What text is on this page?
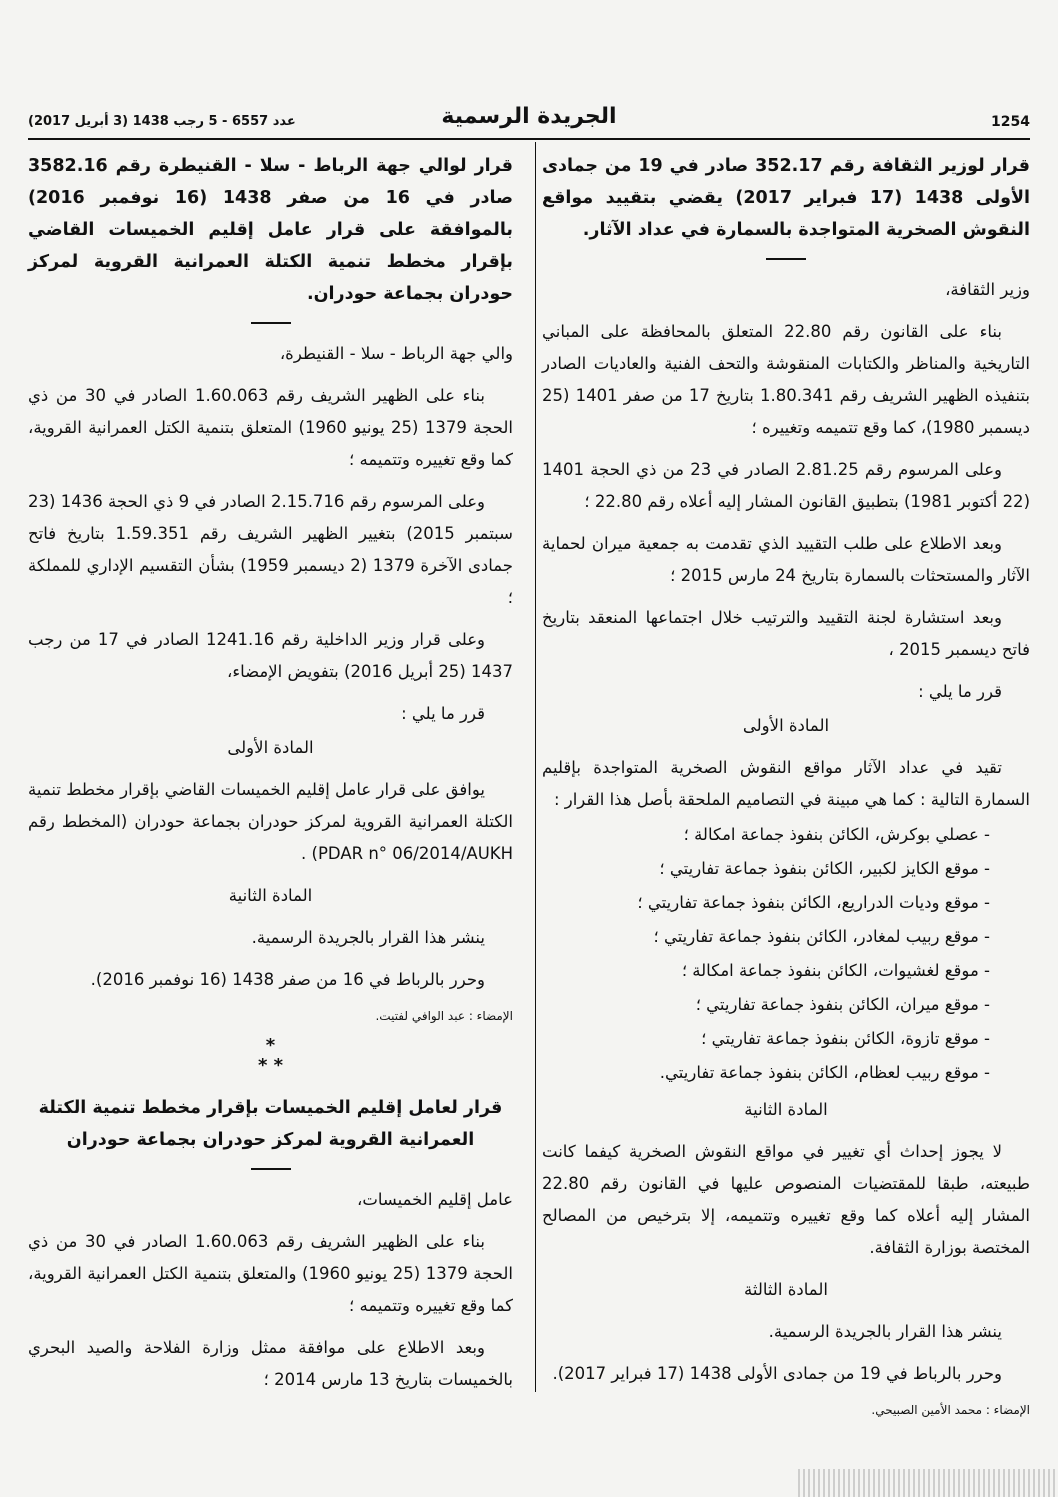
عدد 6557 - 5 رجب 1438 (3 أبريل 2017)	الجريدة الرسمية	1254

قرار لوزير الثقافة رقم 352.17 صادر في 19 من جمادى الأولى 1438 (17 فبراير 2017) يقضي بتقييد مواقع النقوش الصخرية المتواجدة بالسمارة في عداد الآثار.

وزير الثقافة،

بناء على القانون رقم 22.80 المتعلق بالمحافظة على المباني التاريخية والمناظر والكتابات المنقوشة والتحف الفنية والعاديات الصادر بتنفيذه الظهير الشريف رقم 1.80.341 بتاريخ 17 من صفر 1401 (25 ديسمبر 1980)، كما وقع تتميمه وتغييره ؛

وعلى المرسوم رقم 2.81.25 الصادر في 23 من ذي الحجة 1401 (22 أكتوبر 1981) بتطبيق القانون المشار إليه أعلاه رقم 22.80 ؛

وبعد الاطلاع على طلب التقييد الذي تقدمت به جمعية ميران لحماية الآثار والمستحثات بالسمارة بتاريخ 24 مارس 2015 ؛

وبعد استشارة لجنة التقييد والترتيب خلال اجتماعها المنعقد بتاريخ فاتح ديسمبر 2015 ،

قرر ما يلي :

المادة الأولى

تقيد في عداد الآثار مواقع النقوش الصخرية المتواجدة بإقليم السمارة التالية : كما هي مبينة في التصاميم الملحقة بأصل هذا القرار :

- عصلي بوكرش، الكائن بنفوذ جماعة امكالة ؛
- موقع الكايز لكبير، الكائن بنفوذ جماعة تفاريتي ؛
- موقع وديات الدراريع، الكائن بنفوذ جماعة تفاريتي ؛
- موقع ربيب لمغادر، الكائن بنفوذ جماعة تفاريتي ؛
- موقع لغشيوات، الكائن بنفوذ جماعة امكالة ؛
- موقع ميران، الكائن بنفوذ جماعة تفاريتي ؛
- موقع تازوة، الكائن بنفوذ جماعة تفاريتي ؛
- موقع ربيب لعظام، الكائن بنفوذ جماعة تفاريتي.

المادة الثانية

لا يجوز إحداث أي تغيير في مواقع النقوش الصخرية كيفما كانت طبيعته، طبقا للمقتضيات المنصوص عليها في القانون رقم 22.80 المشار إليه أعلاه كما وقع تغييره وتتميمه، إلا بترخيص من المصالح المختصة بوزارة الثقافة.

المادة الثالثة

ينشر هذا القرار بالجريدة الرسمية.

وحرر بالرباط في 19 من جمادى الأولى 1438 (17 فبراير 2017).

الإمضاء : محمد الأمين الصبيحي.

قرار لوالي جهة الرباط - سلا - القنيطرة رقم 3582.16 صادر في 16 من صفر 1438 (16 نوفمبر 2016) بالموافقة على قرار عامل إقليم الخميسات القاضي بإقرار مخطط تنمية الكتلة العمرانية القروية لمركز حودران بجماعة حودران.

والي جهة الرباط - سلا - القنيطرة،

بناء على الظهير الشريف رقم 1.60.063 الصادر في 30 من ذي الحجة 1379 (25 يونيو 1960) المتعلق بتنمية الكتل العمرانية القروية، كما وقع تغييره وتتميمه ؛

وعلى المرسوم رقم 2.15.716 الصادر في 9 ذي الحجة 1436 (23 سبتمبر 2015) بتغيير الظهير الشريف رقم 1.59.351 بتاريخ فاتح جمادى الآخرة 1379 (2 ديسمبر 1959) بشأن التقسيم الإداري للمملكة ؛

وعلى قرار وزير الداخلية رقم 1241.16 الصادر في 17 من رجب 1437 (25 أبريل 2016) بتفويض الإمضاء،

قرر ما يلي :

المادة الأولى

يوافق على قرار عامل إقليم الخميسات القاضي بإقرار مخطط تنمية الكتلة العمرانية القروية لمركز حودران بجماعة حودران (المخطط رقم PDAR n° 06/2014/AUKH) .

المادة الثانية

ينشر هذا القرار بالجريدة الرسمية.

وحرر بالرباط في 16 من صفر 1438 (16 نوفمبر 2016).

الإمضاء : عبد الوافي لفتيت.

*
* *

قرار لعامل إقليم الخميسات بإقرار مخطط تنمية الكتلة العمرانية القروية لمركز حودران بجماعة حودران

عامل إقليم الخميسات،

بناء على الظهير الشريف رقم 1.60.063 الصادر في 30 من ذي الحجة 1379 (25 يونيو 1960) والمتعلق بتنمية الكتل العمرانية القروية، كما وقع تغييره وتتميمه ؛

وبعد الاطلاع على موافقة ممثل وزارة الفلاحة والصيد البحري بالخميسات بتاريخ 13 مارس 2014 ؛
